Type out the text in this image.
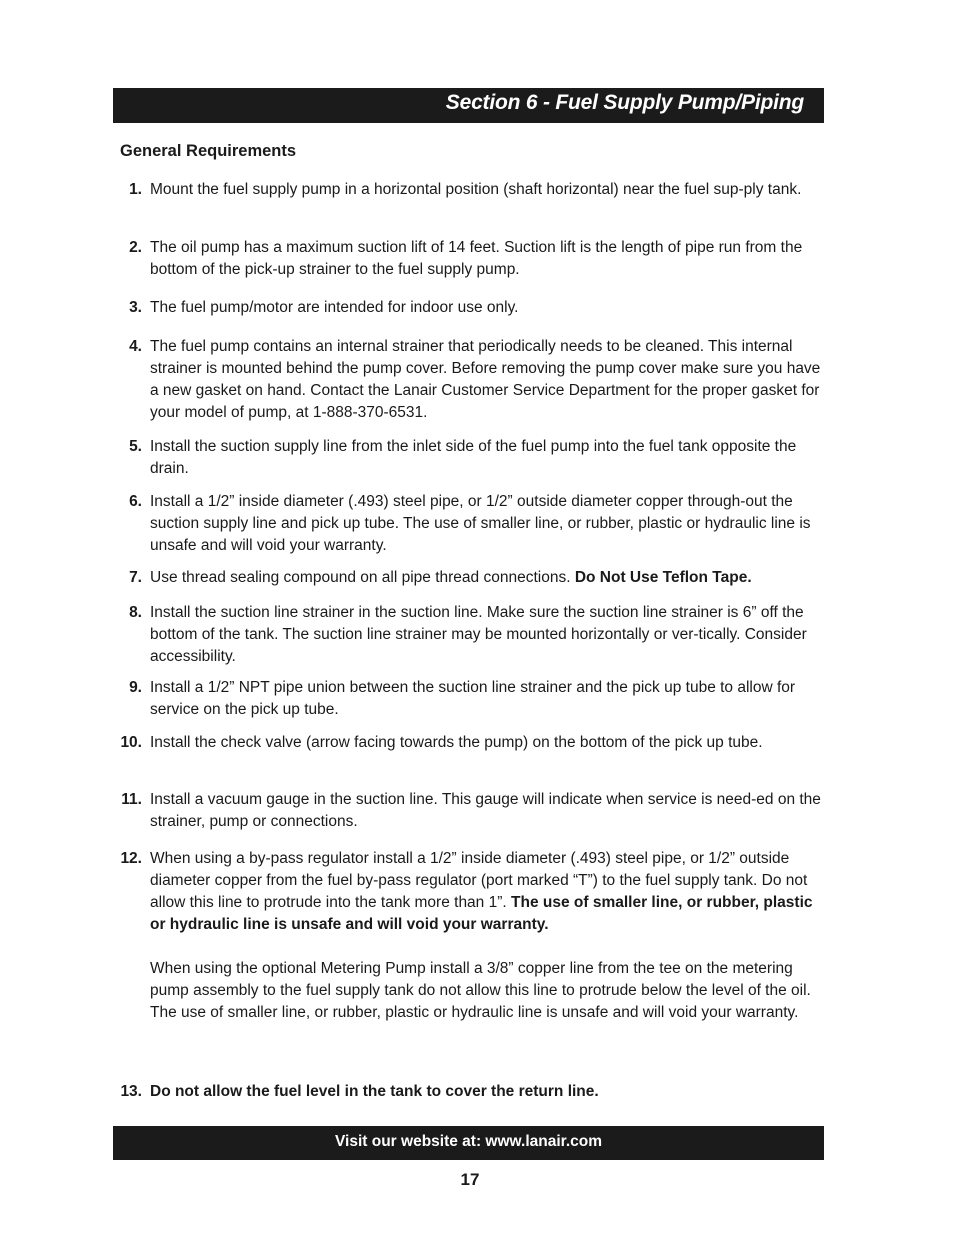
Section 6 - Fuel Supply Pump/Piping
General Requirements
1. Mount the fuel supply pump in a horizontal position (shaft horizontal) near the fuel sup-ply tank.
2. The oil pump has a maximum suction lift of 14 feet. Suction lift is the length of pipe run from the bottom of the pick-up strainer to the fuel supply pump.
3. The fuel pump/motor are intended for indoor use only.
4. The fuel pump contains an internal strainer that periodically needs to be cleaned. This internal strainer is mounted behind the pump cover. Before removing the pump cover make sure you have a new gasket on hand. Contact the Lanair Customer Service Department for the proper gasket for your model of pump, at 1-888-370-6531.
5. Install the suction supply line from the inlet side of the fuel pump into the fuel tank opposite the drain.
6. Install a 1/2” inside diameter (.493) steel pipe, or 1/2” outside diameter copper through-out the suction supply line and pick up tube. The use of smaller line, or rubber, plastic or hydraulic line is unsafe and will void your warranty.
7. Use thread sealing compound on all pipe thread connections. Do Not Use Teflon Tape.
8. Install the suction line strainer in the suction line. Make sure the suction line strainer is 6” off the bottom of the tank. The suction line strainer may be mounted horizontally or ver-tically. Consider accessibility.
9. Install a 1/2” NPT pipe union between the suction line strainer and the pick up tube to allow for service on the pick up tube.
10. Install the check valve (arrow facing towards the pump) on the bottom of the pick up tube.
11. Install a vacuum gauge in the suction line. This gauge will indicate when service is need-ed on the strainer, pump or connections.
12. When using a by-pass regulator install a 1/2” inside diameter (.493) steel pipe, or 1/2” outside diameter copper from the fuel by-pass regulator (port marked “T”) to the fuel supply tank. Do not allow this line to protrude into the tank more than 1”. The use of smaller line, or rubber, plastic or hydraulic line is unsafe and will void your warranty.
When using the optional Metering Pump install a 3/8” copper line from the tee on the metering pump assembly to the fuel supply tank do not allow this line to protrude below the level of the oil. The use of smaller line, or rubber, plastic or hydraulic line is unsafe and will void your warranty.
13. Do not allow the fuel level in the tank to cover the return line.
Visit our website at: www.lanair.com
17
